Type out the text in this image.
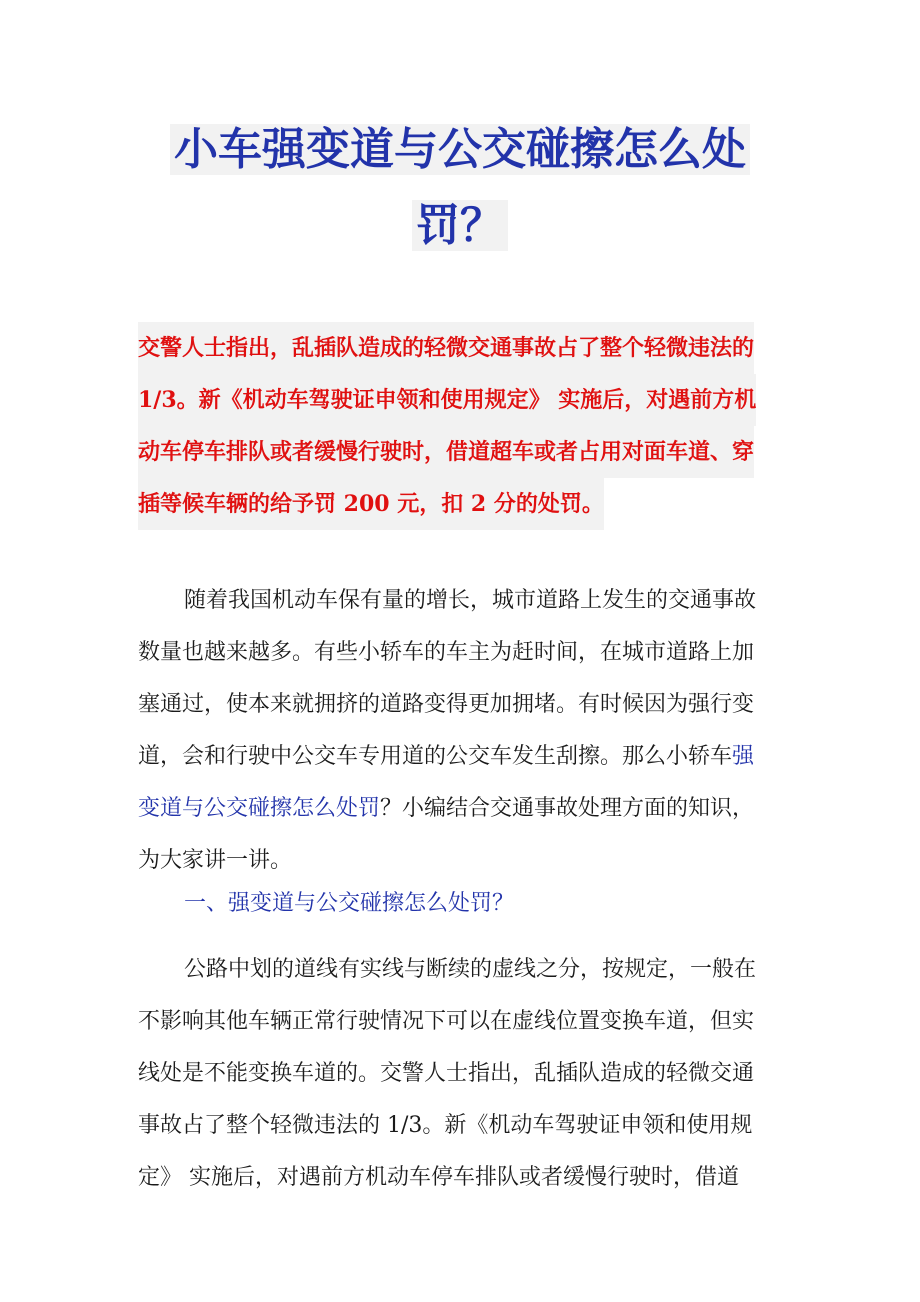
小车强变道与公交碰擦怎么处
罚？
交警人士指出，乱插队造成的轻微交通事故占了整个轻微违法的
1/3。新《机动车驾驶证申领和使用规定》 实施后，对遇前方机
动车停车排队或者缓慢行驶时，借道超车或者占用对面车道、穿
插等候车辆的给予罚 200 元，扣 2 分的处罚。
随着我国机动车保有量的增长，城市道路上发生的交通事故
数量也越来越多。有些小轿车的车主为赶时间，在城市道路上加
塞通过，使本来就拥挤的道路变得更加拥堵。有时候因为强行变
道，会和行驶中公交车专用道的公交车发生刮擦。那么小轿车强
变道与公交碰擦怎么处罚？小编结合交通事故处理方面的知识，
为大家讲一讲。
一、强变道与公交碰擦怎么处罚？
公路中划的道线有实线与断续的虚线之分，按规定，一般在
不影响其他车辆正常行驶情况下可以在虚线位置变换车道，但实
线处是不能变换车道的。交警人士指出，乱插队造成的轻微交通
事故占了整个轻微违法的 1/3。新《机动车驾驶证申领和使用规
定》 实施后，对遇前方机动车停车排队或者缓慢行驶时，借道
